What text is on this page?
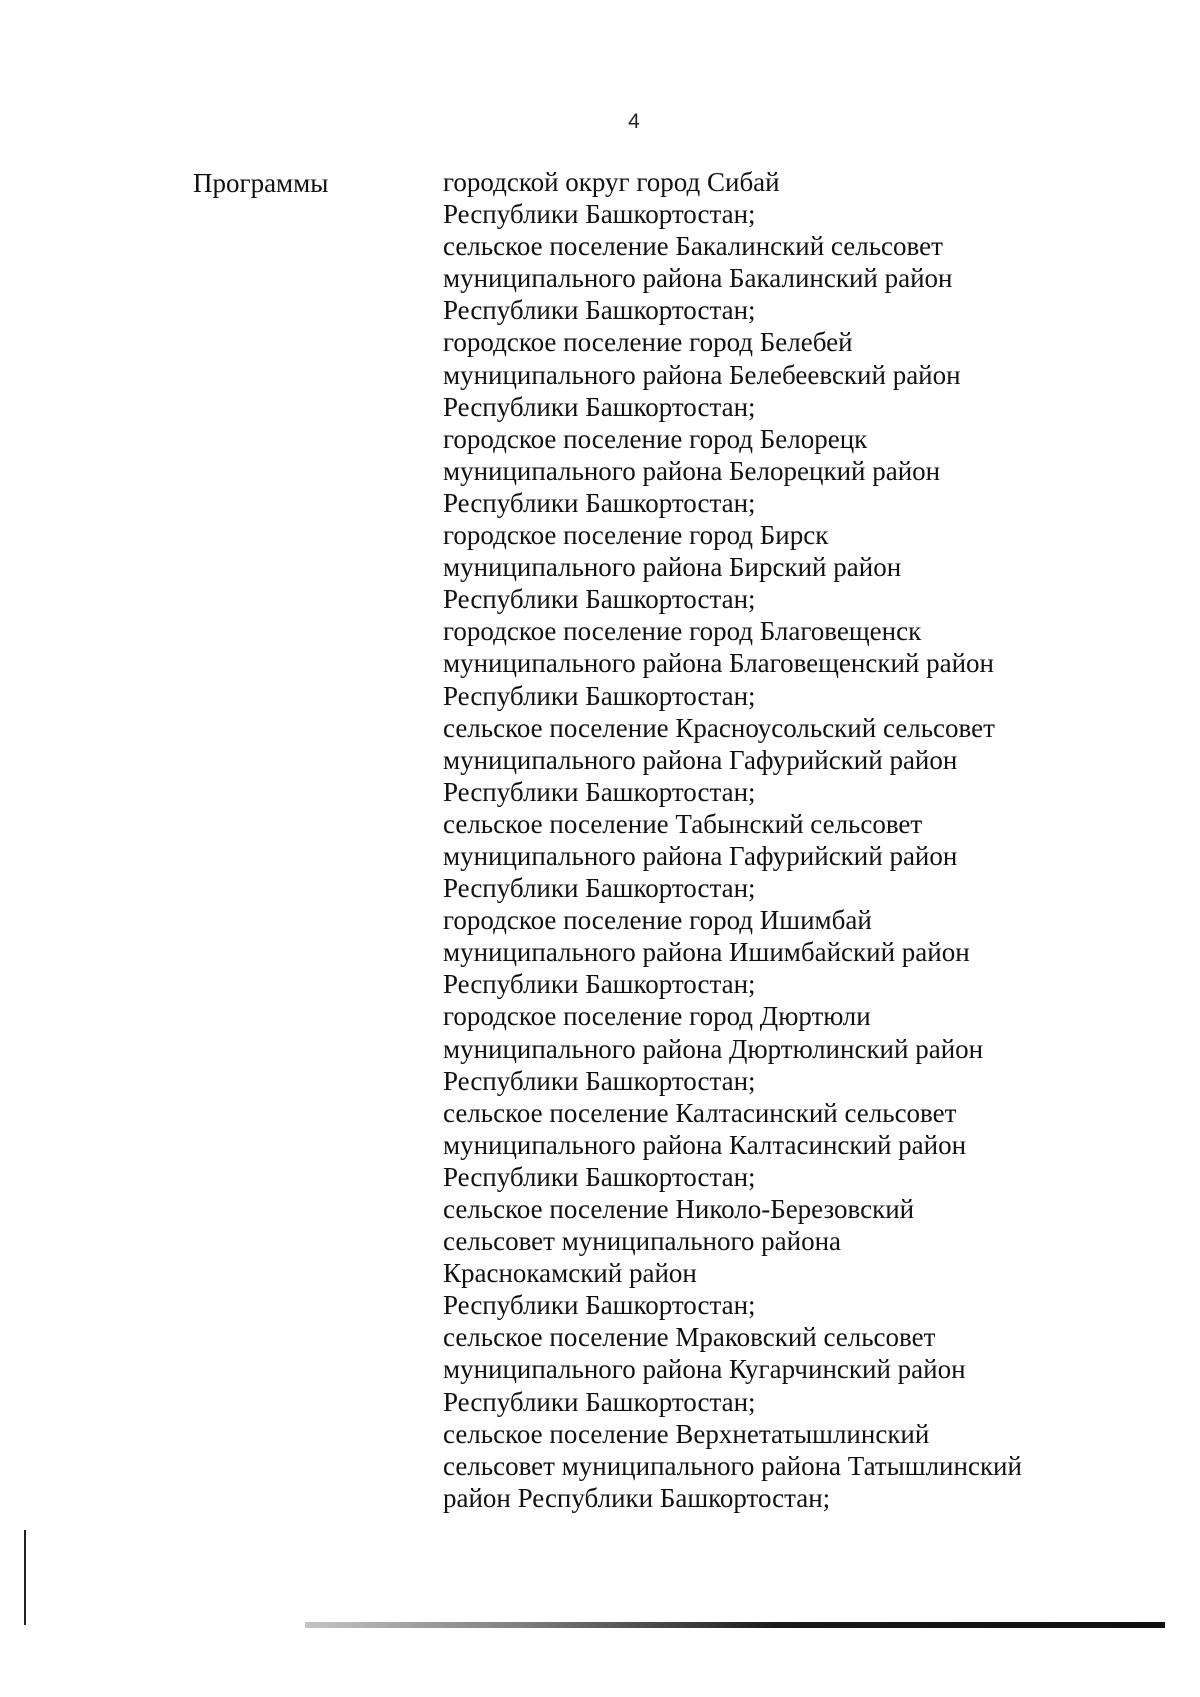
4
Программы	городской округ город Сибай
Республики Башкортостан;
сельское поселение Бакалинский сельсовет
муниципального района Бакалинский район
Республики Башкортостан;
городское поселение город Белебей
муниципального района Белебеевский район
Республики Башкортостан;
городское поселение город Белорецк
муниципального района Белорецкий район
Республики Башкортостан;
городское поселение город Бирск
муниципального района Бирский район
Республики Башкортостан;
городское поселение город Благовещенск
муниципального района Благовещенский район
Республики Башкортостан;
сельское поселение Красноусольский сельсовет
муниципального района Гафурийский район
Республики Башкортостан;
сельское поселение Табынский сельсовет
муниципального района Гафурийский район
Республики Башкортостан;
городское поселение город Ишимбай
муниципального района Ишимбайский район
Республики Башкортостан;
городское поселение город Дюртюли
муниципального района Дюртюлинский район
Республики Башкортостан;
сельское поселение Калтасинский сельсовет
муниципального района Калтасинский район
Республики Башкортостан;
сельское поселение Николо-Березовский
сельсовет муниципального района
Краснокамский район
Республики Башкортостан;
сельское поселение Мраковский сельсовет
муниципального района Кугарчинский район
Республики Башкортостан;
сельское поселение Верхнетатышлинский
сельсовет муниципального района Татышлинский
район Республики Башкортостан;
